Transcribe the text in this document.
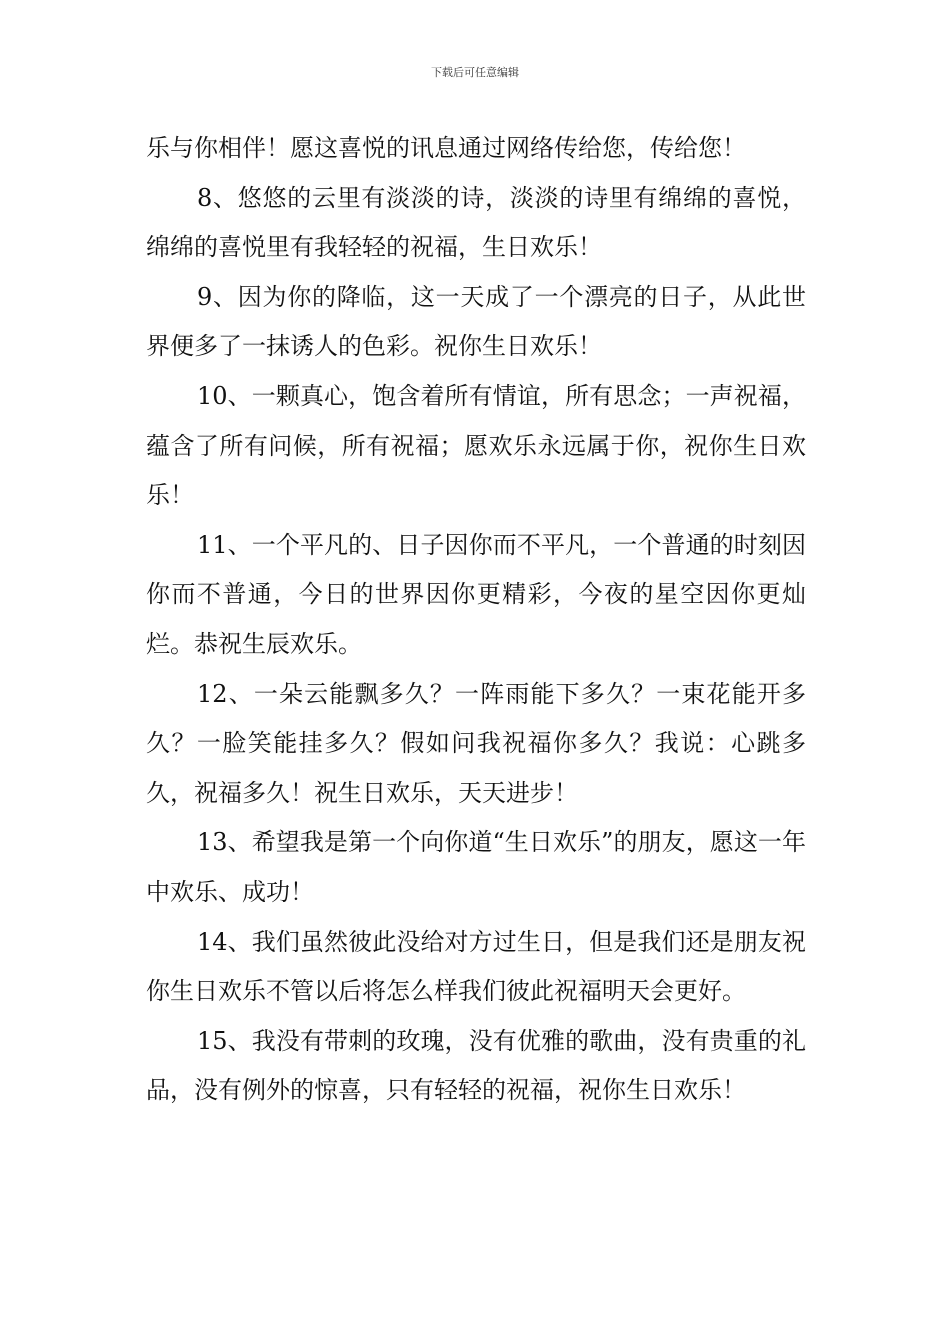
下载后可任意编辑

乐与你相伴！愿这喜悦的讯息通过网络传给您，传给您！

8、悠悠的云里有淡淡的诗，淡淡的诗里有绵绵的喜悦，绵绵的喜悦里有我轻轻的祝福，生日欢乐！

9、因为你的降临，这一天成了一个漂亮的日子，从此世界便多了一抹诱人的色彩。祝你生日欢乐！

10、一颗真心，饱含着所有情谊，所有思念；一声祝福，蕴含了所有问候，所有祝福；愿欢乐永远属于你，祝你生日欢乐！

11、一个平凡的、日子因你而不平凡，一个普通的时刻因你而不普通，今日的世界因你更精彩，今夜的星空因你更灿烂。恭祝生辰欢乐。

12、一朵云能飘多久？一阵雨能下多久？一束花能开多久？一脸笑能挂多久？假如问我祝福你多久？我说：心跳多久，祝福多久！祝生日欢乐，天天进步！

13、希望我是第一个向你道“生日欢乐”的朋友，愿这一年中欢乐、成功！

14、我们虽然彼此没给对方过生日，但是我们还是朋友祝你生日欢乐不管以后将怎么样我们彼此祝福明天会更好。

15、我没有带刺的玫瑰，没有优雅的歌曲，没有贵重的礼品，没有例外的惊喜，只有轻轻的祝福，祝你生日欢乐！
